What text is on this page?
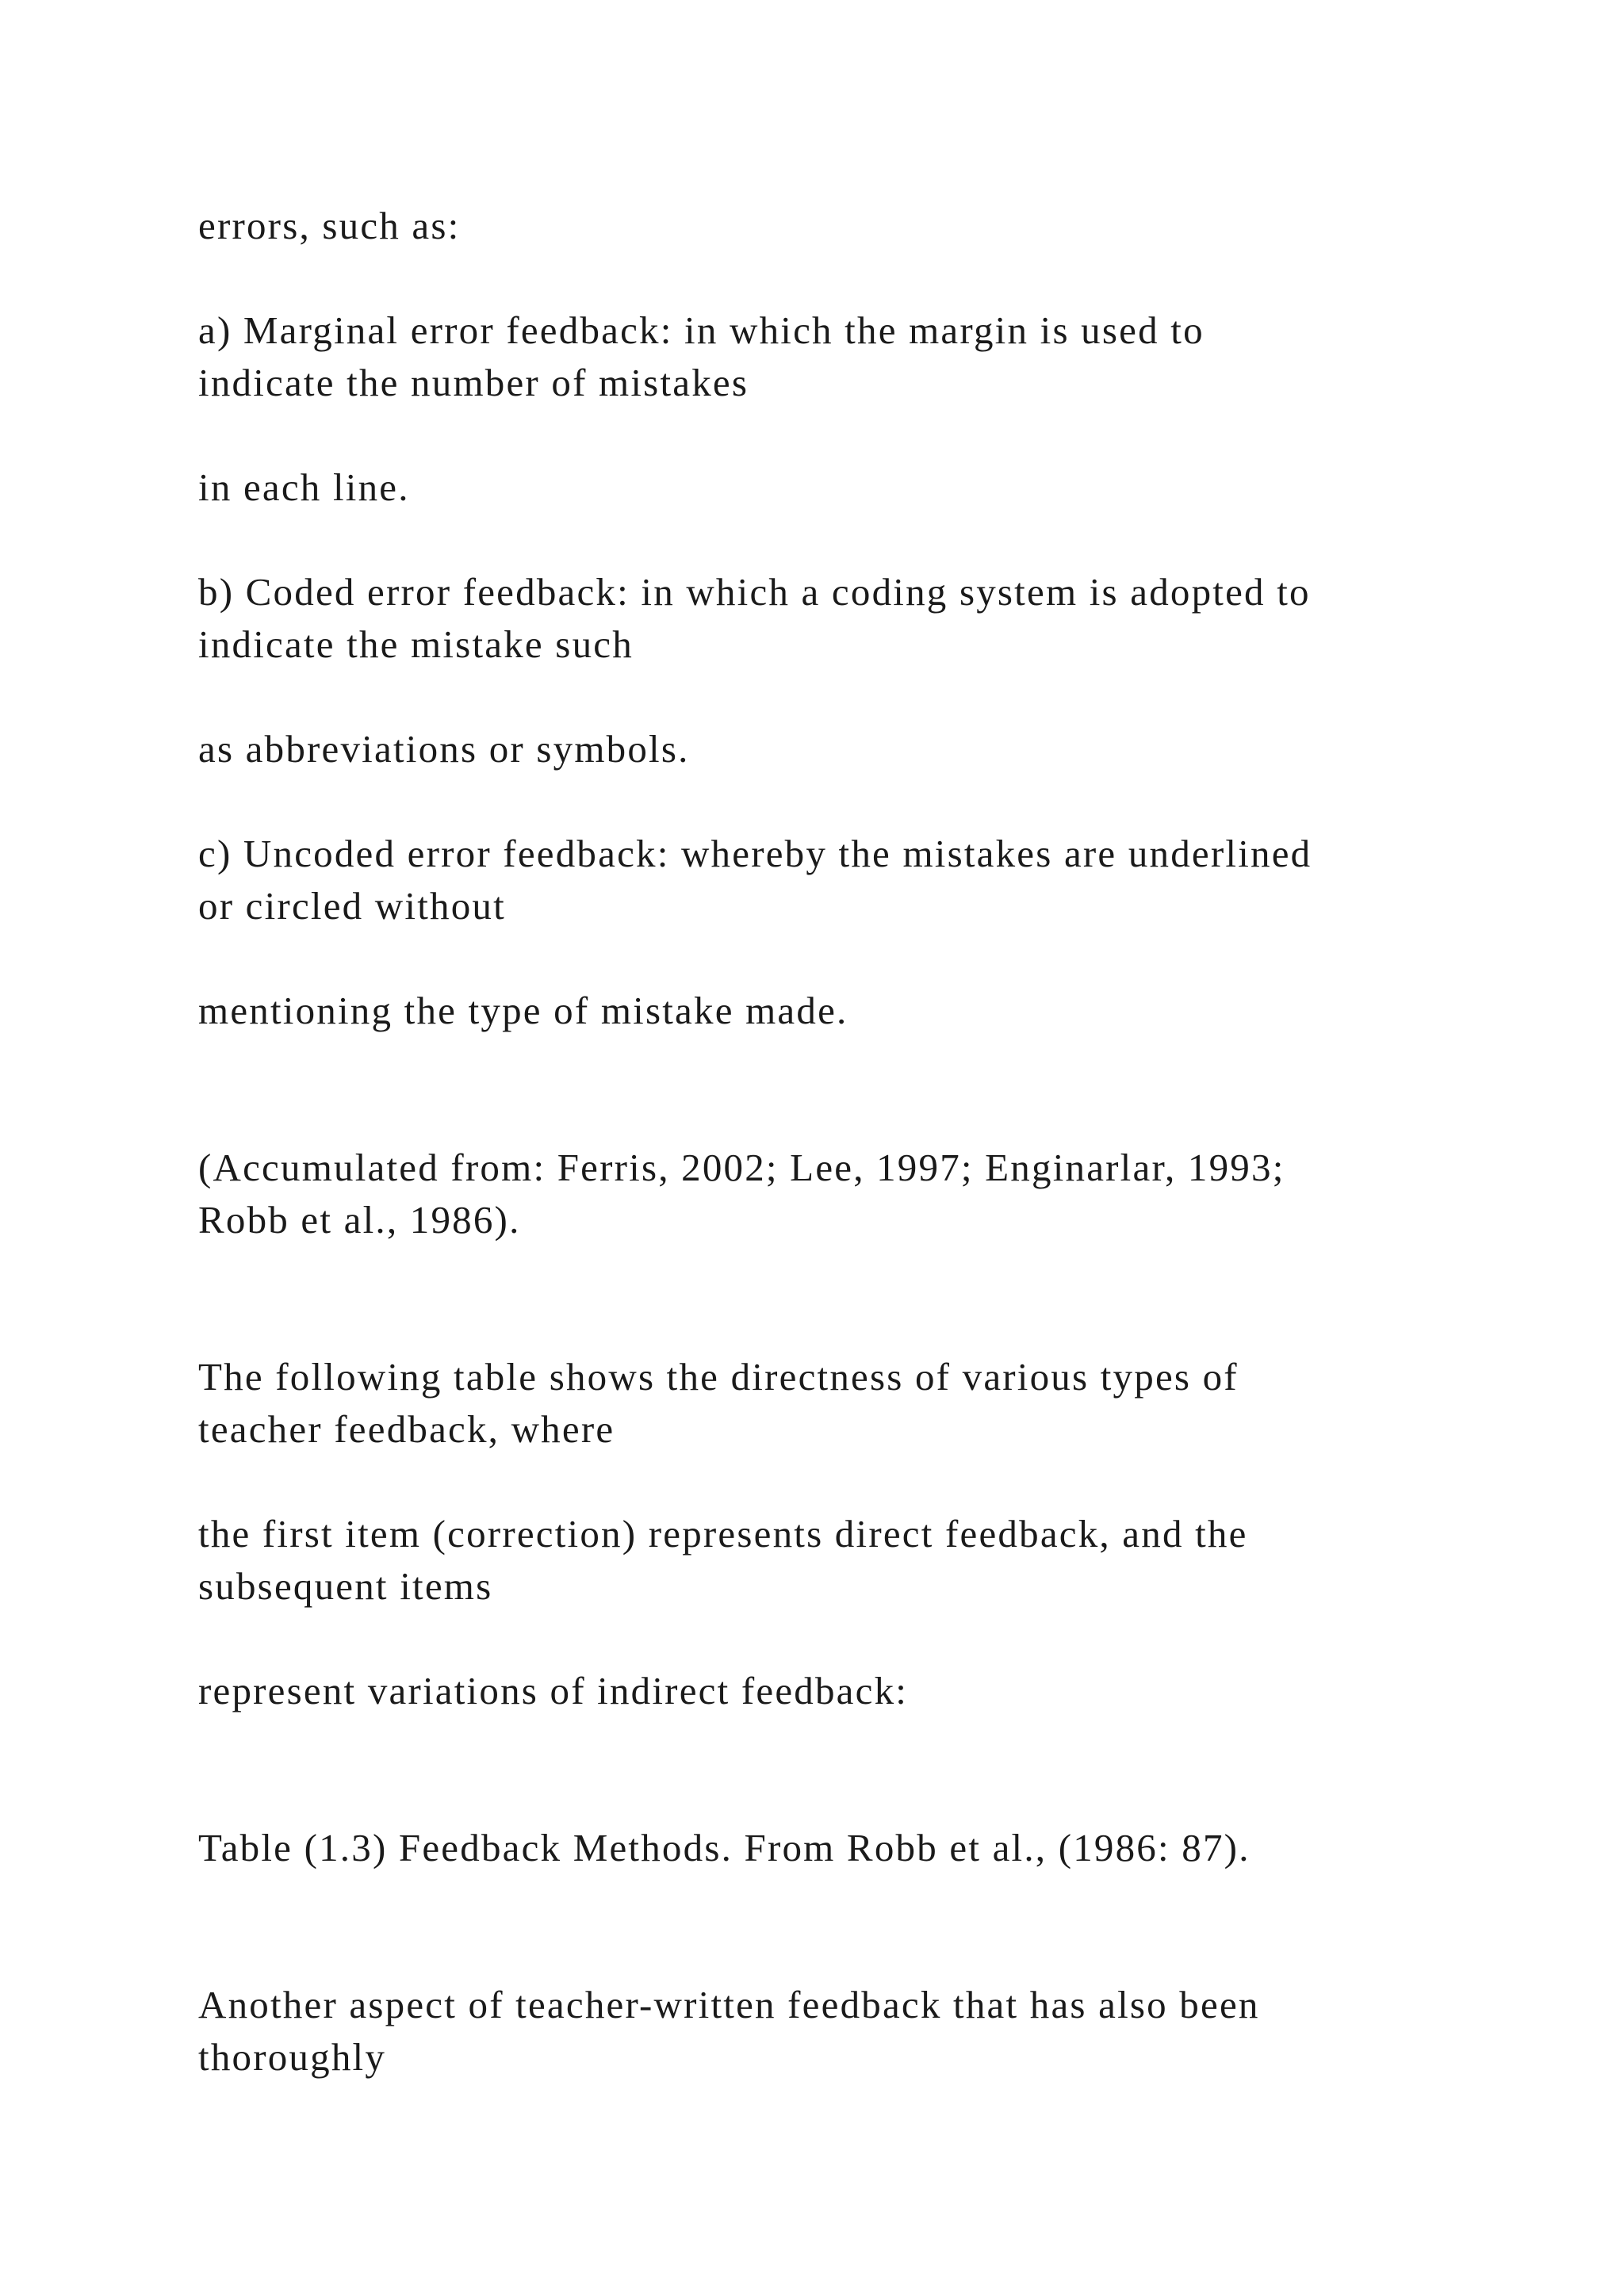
errors, such as:

a) Marginal error feedback: in which the margin is used to
indicate the number of mistakes

in each line.

b) Coded error feedback: in which a coding system is adopted to
indicate the mistake such

as abbreviations or symbols.

c) Uncoded error feedback: whereby the mistakes are underlined
or circled without

mentioning the type of mistake made.

(Accumulated from: Ferris, 2002; Lee, 1997; Enginarlar, 1993;
Robb et al., 1986).

The following table shows the directness of various types of
teacher feedback, where

the first item (correction) represents direct feedback, and the
subsequent items

represent variations of indirect feedback:

Table (1.3) Feedback Methods. From Robb et al., (1986: 87).

Another aspect of teacher-written feedback that has also been
thoroughly
